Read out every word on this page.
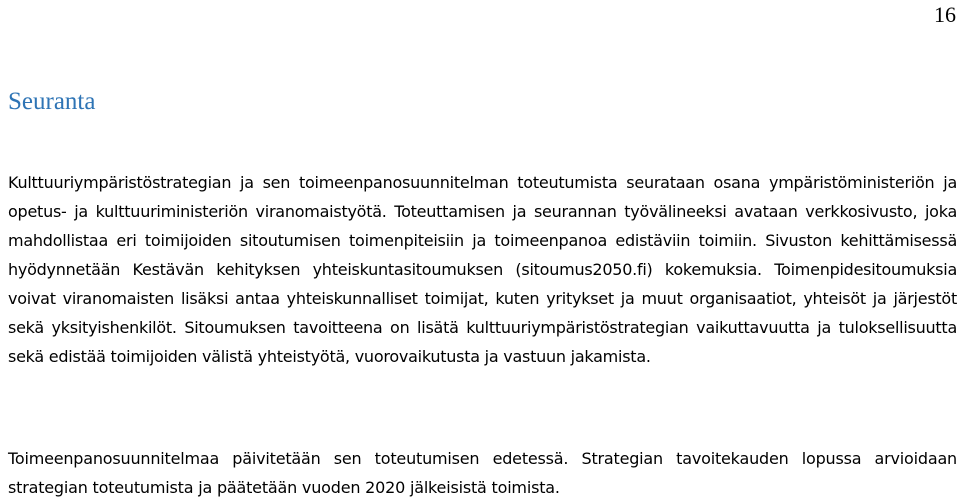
16
Seuranta

Kulttuuriympäristöstrategian ja sen toimeenpanosuunnitelman toteutumista seurataan osana ympäristöministeriön ja opetus- ja kulttuuriministeriön viranomaistyötä. Toteuttamisen ja seurannan työvälineeksi avataan verkkosivusto, joka mahdollistaa eri toimijoiden sitoutumisen toimenpiteisiin ja toimeenpanoa edistäviin toimiin. Sivuston kehittämisessä hyödynnetään Kestävän kehityksen yhteiskuntasitoumuksen (sitoumus2050.fi) kokemuksia. Toimenpidesitoumuksia voivat viranomaisten lisäksi antaa yhteiskunnalliset toimijat, kuten yritykset ja muut organisaatiot, yhteisöt ja järjestöt sekä yksityishenkilöt. Sitoumuksen tavoitteena on lisätä kulttuuriympäristöstrategian vaikuttavuutta ja tuloksellisuutta sekä edistää toimijoiden välistä yhteistyötä, vuorovaikutusta ja vastuun jakamista.

Toimeenpanosuunnitelmaa päivitetään sen toteutumisen edetessä. Strategian tavoitekauden lopussa arvioidaan strategian toteutumista ja päätetään vuoden 2020 jälkeisistä toimista.
